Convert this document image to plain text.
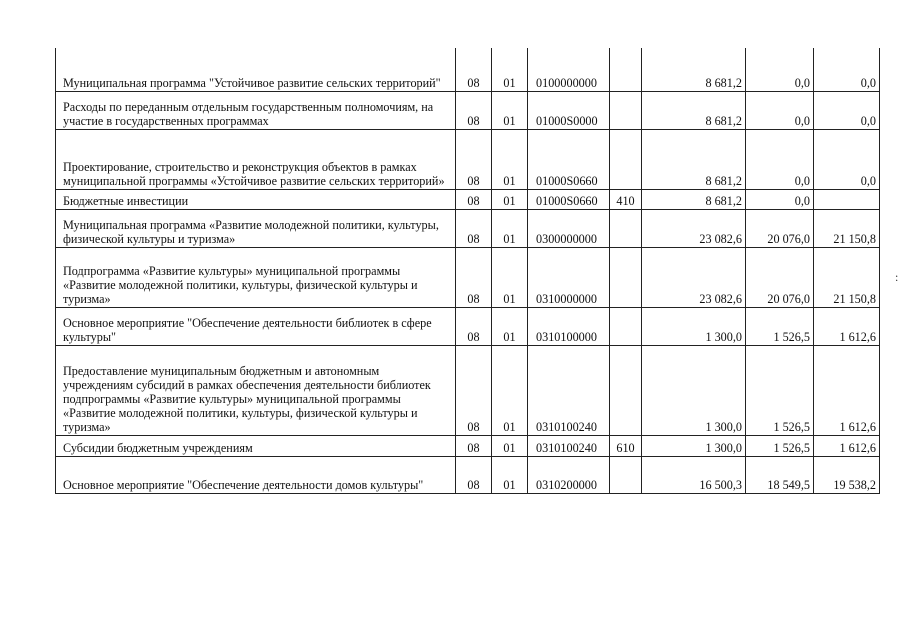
Муниципальная программа "Устойчивое развитие сельских территорий"	08	01	0100000000		8 681,2	0,0	0,0
Расходы по переданным отдельным государственным полномочиям, на участие в государственных программах	08	01	01000S0000		8 681,2	0,0	0,0
Проектирование, строительство и реконструкция объектов в рамках муниципальной программы «Устойчивое развитие сельских территорий»	08	01	01000S0660		8 681,2	0,0	0,0
Бюджетные инвестиции	08	01	01000S0660	410	8 681,2	0,0	
Муниципальная программа «Развитие молодежной политики, культуры, физической культуры и туризма»	08	01	0300000000		23 082,6	20 076,0	21 150,8
Подпрограмма «Развитие культуры» муниципальной программы «Развитие молодежной политики, культуры, физической культуры и туризма»	08	01	0310000000		23 082,6	20 076,0	21 150,8
Основное мероприятие "Обеспечение деятельности библиотек в сфере культуры"	08	01	0310100000		1 300,0	1 526,5	1 612,6
Предоставление муниципальным бюджетным и автономным учреждениям субсидий в рамках обеспечения деятельности библиотек подпрограммы «Развитие культуры» муниципальной программы «Развитие молодежной политики, культуры, физической культуры и туризма»	08	01	0310100240		1 300,0	1 526,5	1 612,6
Субсидии бюджетным учреждениям	08	01	0310100240	610	1 300,0	1 526,5	1 612,6
Основное мероприятие "Обеспечение деятельности домов культуры"	08	01	0310200000		16 500,3	18 549,5	19 538,2
:
